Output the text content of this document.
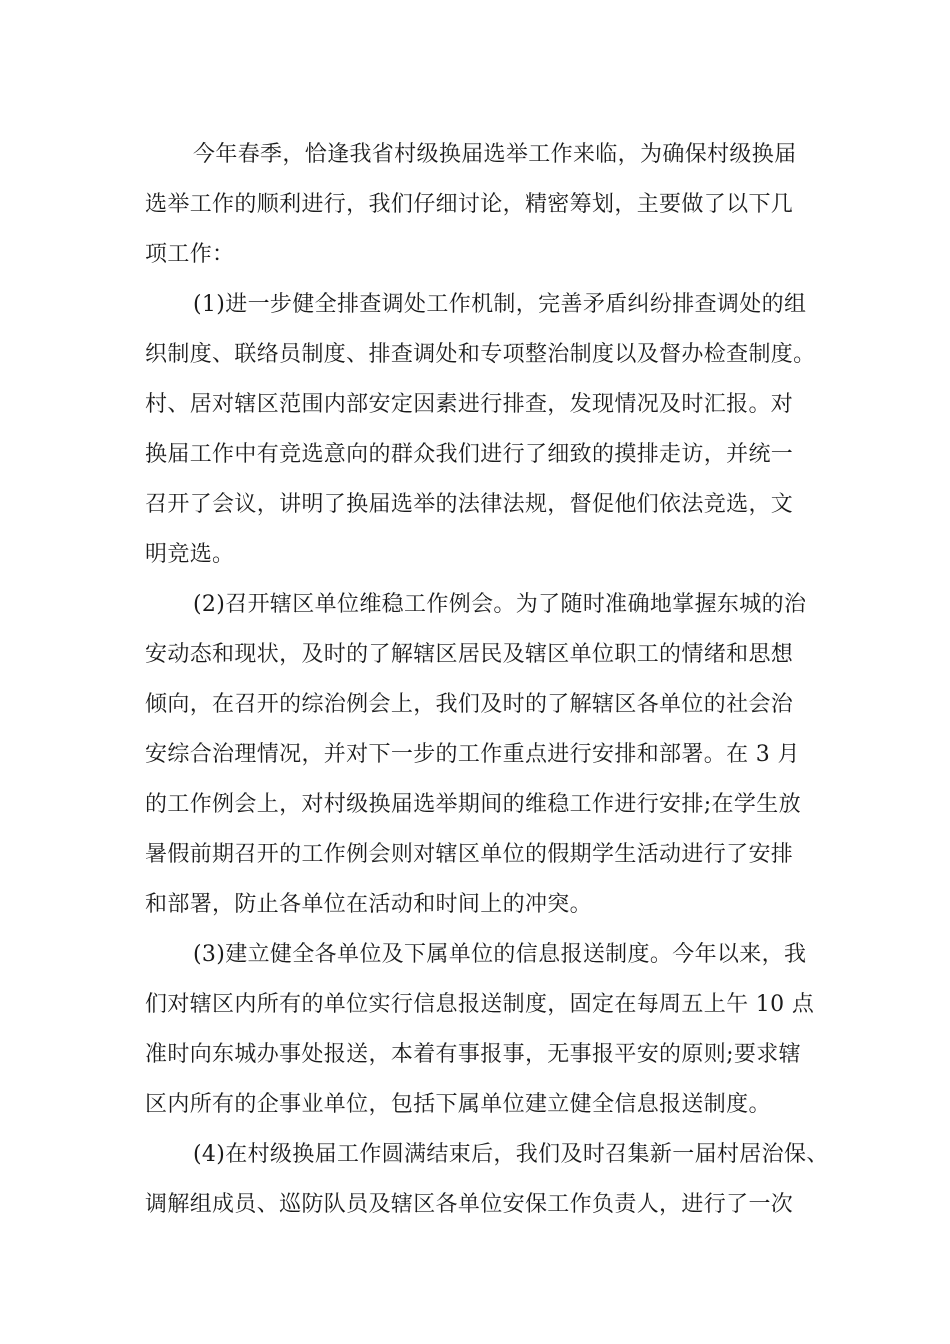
今年春季，恰逢我省村级换届选举工作来临，为确保村级换届
选举工作的顺利进行，我们仔细讨论，精密筹划，主要做了以下几
项工作：
(1)进一步健全排查调处工作机制，完善矛盾纠纷排查调处的组
织制度、联络员制度、排查调处和专项整治制度以及督办检查制度。
村、居对辖区范围内部安定因素进行排查，发现情况及时汇报。对
换届工作中有竞选意向的群众我们进行了细致的摸排走访，并统一
召开了会议，讲明了换届选举的法律法规，督促他们依法竞选，文
明竞选。
(2)召开辖区单位维稳工作例会。为了随时准确地掌握东城的治
安动态和现状，及时的了解辖区居民及辖区单位职工的情绪和思想
倾向，在召开的综治例会上，我们及时的了解辖区各单位的社会治
安综合治理情况，并对下一步的工作重点进行安排和部署。在 3 月
的工作例会上，对村级换届选举期间的维稳工作进行安排;在学生放
暑假前期召开的工作例会则对辖区单位的假期学生活动进行了安排
和部署，防止各单位在活动和时间上的冲突。
(3)建立健全各单位及下属单位的信息报送制度。今年以来，我
们对辖区内所有的单位实行信息报送制度，固定在每周五上午 10 点
准时向东城办事处报送，本着有事报事，无事报平安的原则;要求辖
区内所有的企事业单位，包括下属单位建立健全信息报送制度。
(4)在村级换届工作圆满结束后，我们及时召集新一届村居治保、
调解组成员、巡防队员及辖区各单位安保工作负责人，进行了一次
